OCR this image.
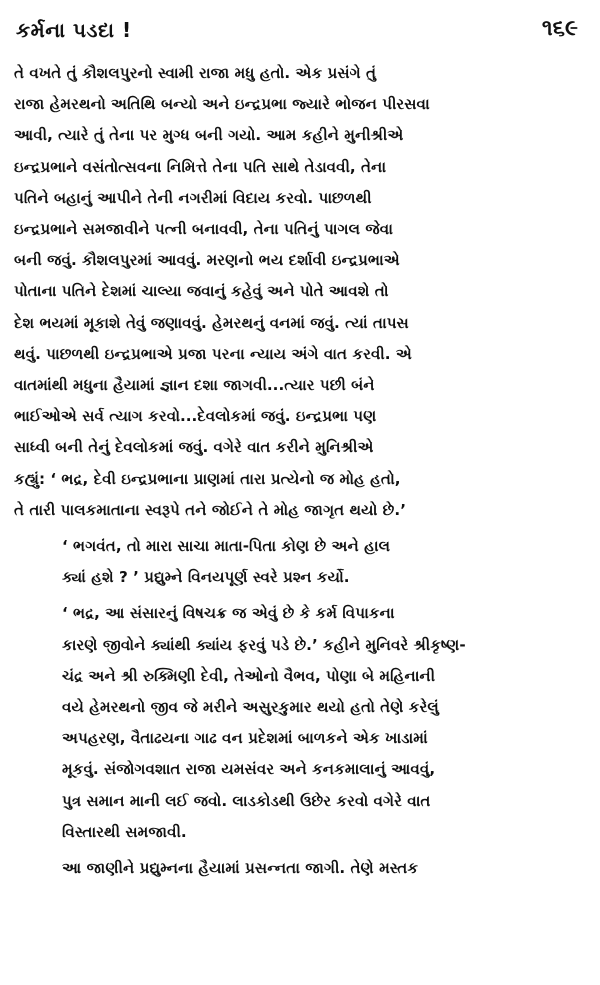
કર્મના પડદા !	૧૬૯

તે વખતે તું કૌશલપુરનો સ્વામી રાજા મધુ હતો. એક પ્રસંગે તું
રાજા હેમરથનો અતિથિ બન્યો અને ઇન્દ્રપ્રભા જ્યારે ભોજન પીરસવા
આવી, ત્યારે તું તેના પર મુગ્ધ બની ગયો. આમ કહીને મુનીશ્રીએ
ઇન્દ્રપ્રભાને વસંતોત્સવના નિમિત્તે તેના પતિ સાથે તેડાવવી, તેના
પતિને બહાનું આપીને તેની નગરીમાં વિદાય કરવો. પાછળથી
ઇન્દ્રપ્રભાને સમજાવીને પત્ની બનાવવી, તેના પતિનું પાગલ જેવા
બની જવું. કૌશલપુરમાં આવવું. મરણનો ભય દર્શાવી ઇન્દ્રપ્રભાએ
પોતાના પતિને દેશમાં ચાલ્યા જવાનું કહેવું અને પોતે આવશે તો
દેશ ભયમાં મૂકાશે તેવું જણાવવું. હેમરથનું વનમાં જવું. ત્યાં તાપસ
થવું. પાછળથી ઇન્દ્રપ્રભાએ પ્રજા પરના ન્યાય અંગે વાત કરવી. એ
વાતમાંથી મધુના હૈયામાં જ્ઞાન દશા જાગવી...ત્યાર પછી બંને
ભાઈઓએ સર્વ ત્યાગ કરવો...દેવલોકમાં જવું. ઇન્દ્રપ્રભા પણ
સાધ્વી બની તેનું દેવલોકમાં જવું. વગેરે વાત કરીને મુનિશ્રીએ
કહ્યું: ‘ ભદ્ર, દેવી ઇન્દ્રપ્રભાના પ્રાણમાં તારા પ્રત્યેનો જ મોહ હતો,
તે તારી પાલકમાતાના સ્વરૂપે તને જોઈને તે મોહ જાગૃત થયો છે.’

‘ ભગવંત, તો મારા સાચા માતા-પિતા કોણ છે અને હાલ
ક્યાં હશે ? ’ પ્રદ્યુમ્ને વિનયપૂર્ણ સ્વરે પ્રશ્ન કર્યો.

‘ ભદ્ર, આ સંસારનું વિષચક્ર જ એવું છે કે કર્મ વિપાકના
કારણે જીવોને ક્યાંથી ક્યાંય ફરવું પડે છે.’ કહીને મુનિવરે શ્રીકૃષ્ણ-
ચંદ્ર અને શ્રી રુક્મિણી દેવી, તેઓનો વૈભવ, પોણા બે મહિનાની
વયે હેમરથનો જીવ જે મરીને અસુરકુમાર થયો હતો તેણે કરેલું
અપહરણ, વૈતાઢયના ગાઢ વન પ્રદેશમાં બાળકને એક ખાડામાં
મૂકવું. સંજોગવશાત રાજા યમસંવર અને કનકમાલાનું આવવું,
પુત્ર સમાન માની લઈ જવો. લાડકોડથી ઉછેર કરવો વગેરે વાત
વિસ્તારથી સમજાવી.

આ જાણીને પ્રદ્યુમ્નના હૈયામાં પ્રસન્નતા જાગી. તેણે મસ્તક
